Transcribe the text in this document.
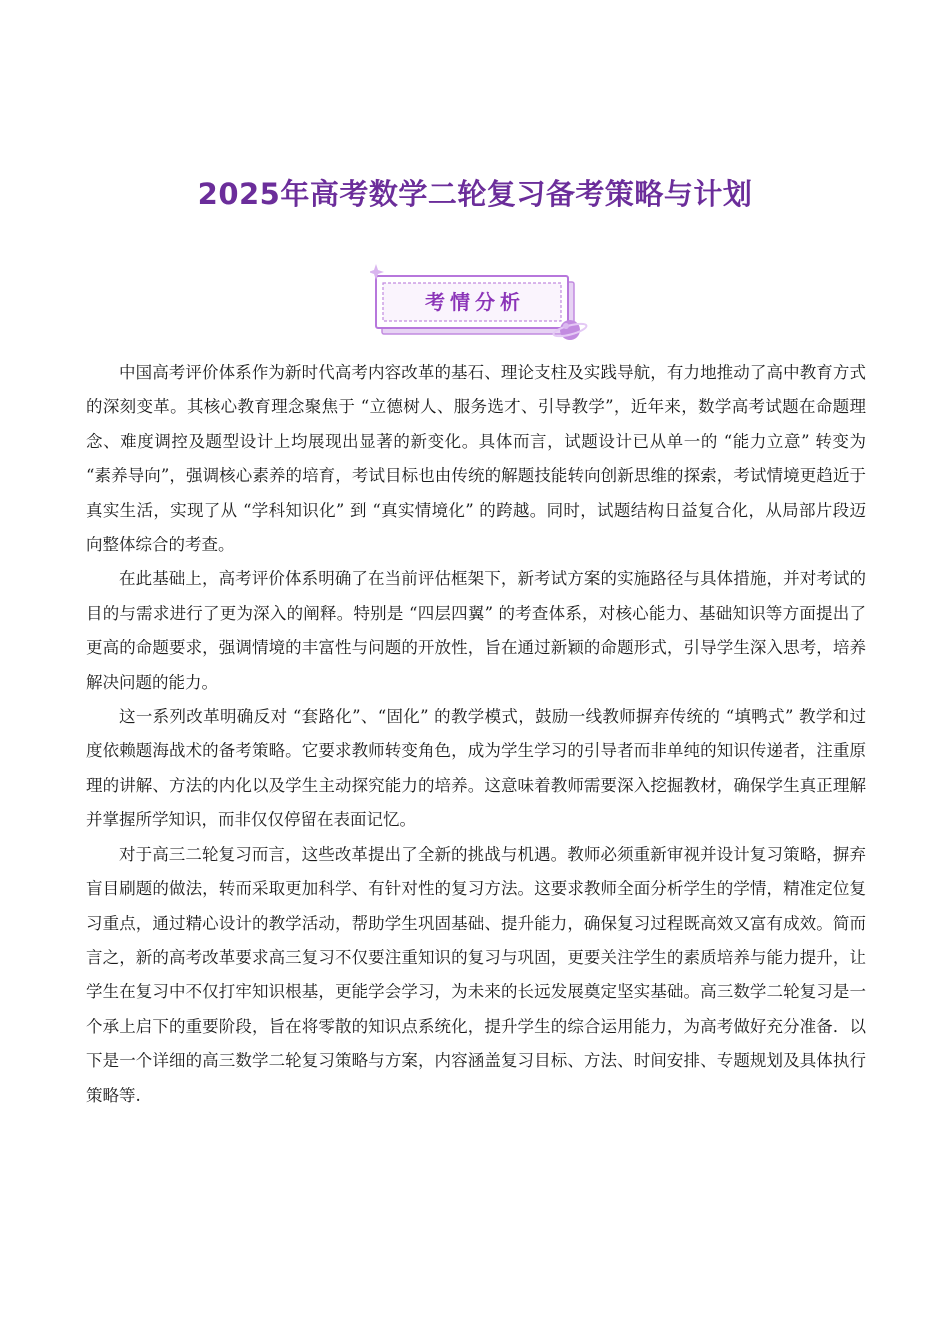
2025年高考数学二轮复习备考策略与计划
考情分析

中国高考评价体系作为新时代高考内容改革的基石、理论支柱及实践导航，有力地推动了高中教育方式的深刻变革。其核心教育理念聚焦于 “立德树人、服务选才、引导教学”，近年来，数学高考试题在命题理念、难度调控及题型设计上均展现出显著的新变化。具体而言，试题设计已从单一的 “能力立意” 转变为 “素养导向”，强调核心素养的培育，考试目标也由传统的解题技能转向创新思维的探索，考试情境更趋近于真实生活，实现了从 “学科知识化” 到 “真实情境化” 的跨越。同时，试题结构日益复合化，从局部片段迈向整体综合的考查。

在此基础上，高考评价体系明确了在当前评估框架下，新考试方案的实施路径与具体措施，并对考试的目的与需求进行了更为深入的阐释。特别是 “四层四翼” 的考查体系，对核心能力、基础知识等方面提出了更高的命题要求，强调情境的丰富性与问题的开放性，旨在通过新颖的命题形式，引导学生深入思考，培养解决问题的能力。

这一系列改革明确反对 “套路化”、“固化” 的教学模式，鼓励一线教师摒弃传统的 “填鸭式” 教学和过度依赖题海战术的备考策略。它要求教师转变角色，成为学生学习的引导者而非单纯的知识传递者，注重原理的讲解、方法的内化以及学生主动探究能力的培养。这意味着教师需要深入挖掘教材，确保学生真正理解并掌握所学知识，而非仅仅停留在表面记忆。

对于高三二轮复习而言，这些改革提出了全新的挑战与机遇。教师必须重新审视并设计复习策略，摒弃盲目刷题的做法，转而采取更加科学、有针对性的复习方法。这要求教师全面分析学生的学情，精准定位复习重点，通过精心设计的教学活动，帮助学生巩固基础、提升能力，确保复习过程既高效又富有成效。简而言之，新的高考改革要求高三复习不仅要注重知识的复习与巩固，更要关注学生的素质培养与能力提升，让学生在复习中不仅打牢知识根基，更能学会学习，为未来的长远发展奠定坚实基础。高三数学二轮复习是一个承上启下的重要阶段，旨在将零散的知识点系统化，提升学生的综合运用能力，为高考做好充分准备．以下是一个详细的高三数学二轮复习策略与方案，内容涵盖复习目标、方法、时间安排、专题规划及具体执行策略等.
